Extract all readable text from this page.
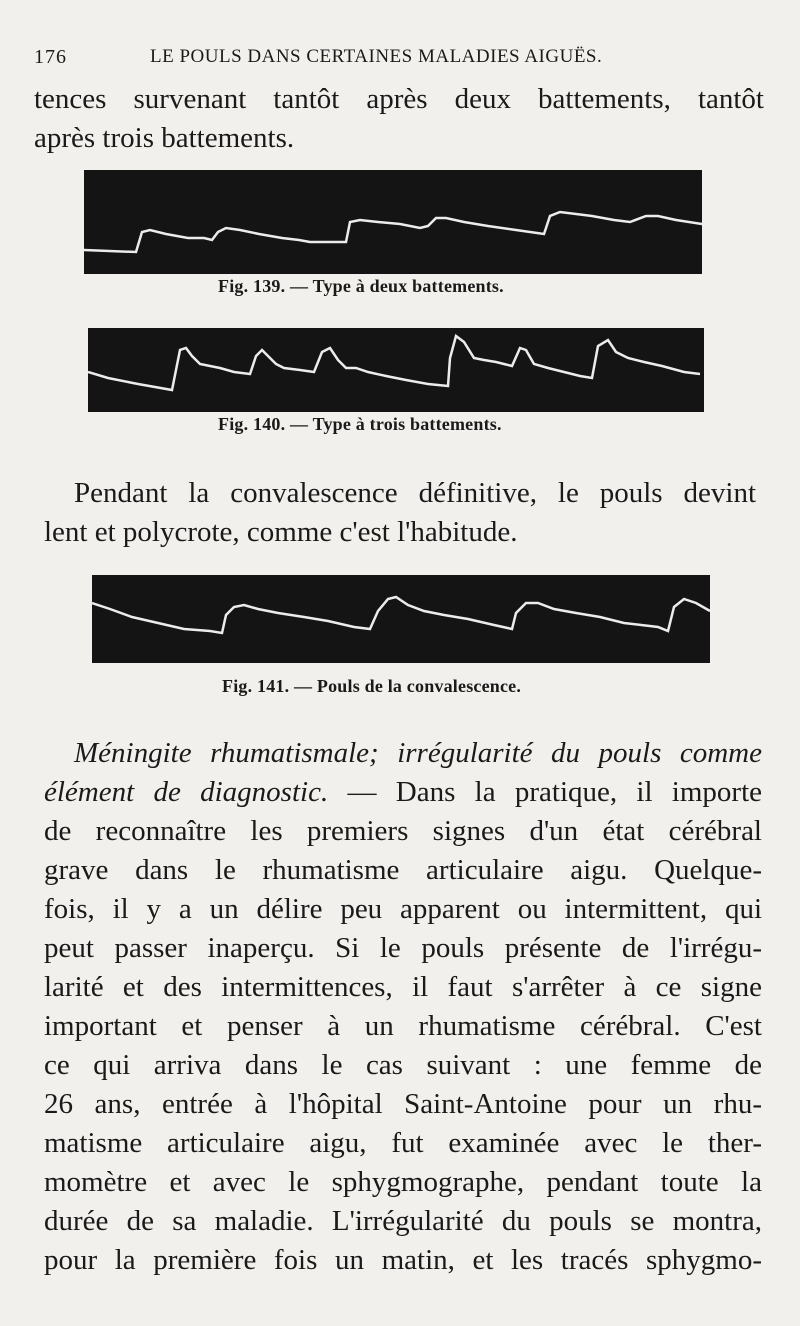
176	LE POULS DANS CERTAINES MALADIES AIGUËS.

tences survenant tantôt après deux battements, tantôt
après trois battements.

Fig. 139. — Type à deux battements.
Fig. 140. — Type à trois battements.

Pendant la convalescence définitive, le pouls devint
lent et polycrote, comme c'est l'habitude.

Fig. 141. — Pouls de la convalescence.

Méningite rhumatismale; irrégularité du pouls comme
élément de diagnostic. — Dans la pratique, il importe
de reconnaître les premiers signes d'un état cérébral
grave dans le rhumatisme articulaire aigu. Quelque-
fois, il y a un délire peu apparent ou intermittent, qui
peut passer inaperçu. Si le pouls présente de l'irrégu-
larité et des intermittences, il faut s'arrêter à ce signe
important et penser à un rhumatisme cérébral. C'est
ce qui arriva dans le cas suivant : une femme de
26 ans, entrée à l'hôpital Saint-Antoine pour un rhu-
matisme articulaire aigu, fut examinée avec le ther-
momètre et avec le sphygmographe, pendant toute la
durée de sa maladie. L'irrégularité du pouls se montra,
pour la première fois un matin, et les tracés sphygmo-
